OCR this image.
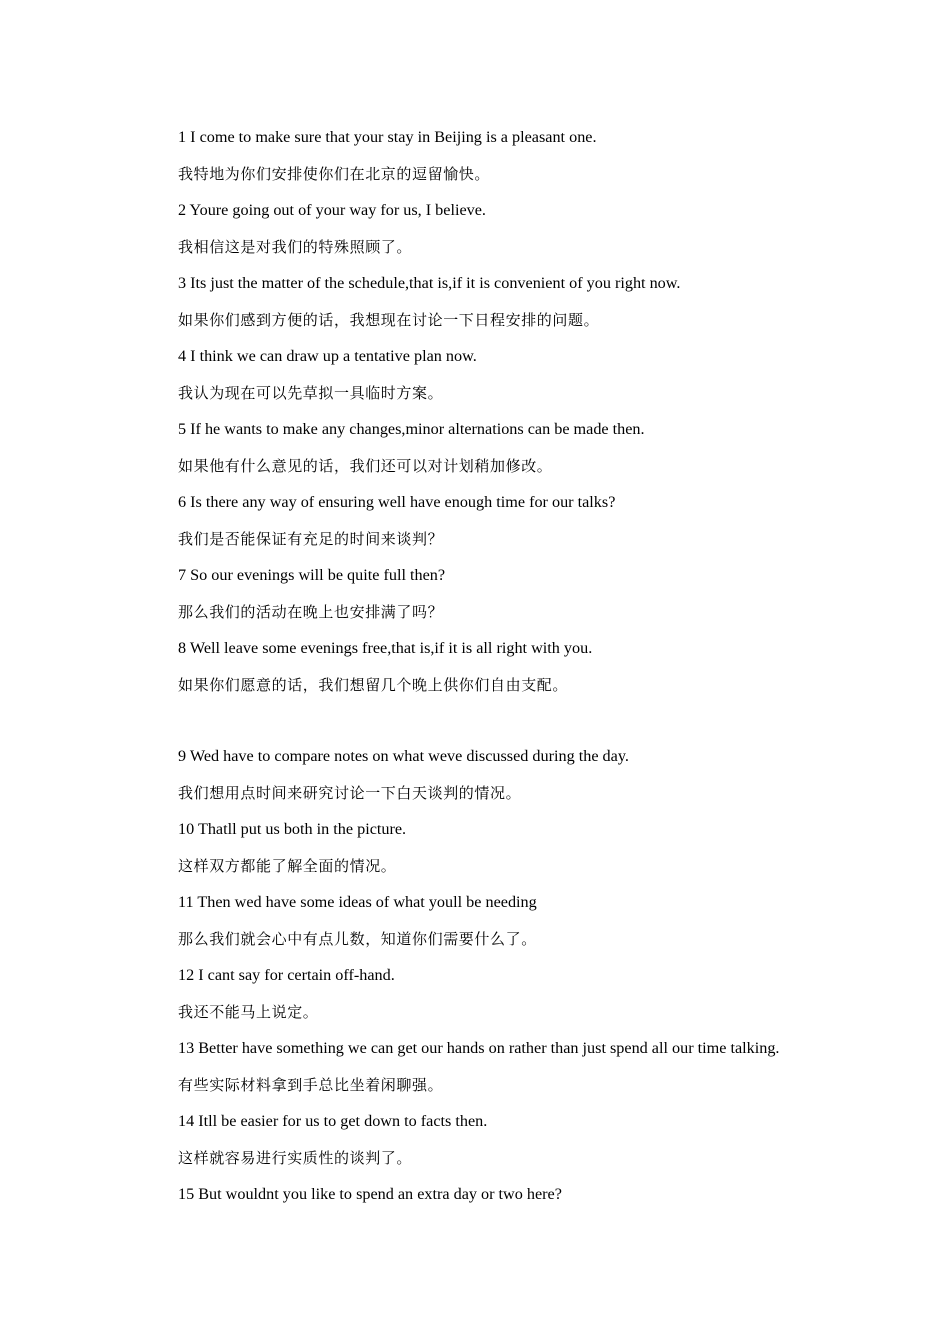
1 I come to make sure that your stay in Beijing is a pleasant one.
我特地为你们安排使你们在北京的逗留愉快。
2 Youre going out of your way for us, I believe.
我相信这是对我们的特殊照顾了。
3 Its just the matter of the schedule,that is,if it is convenient of you right now.
如果你们感到方便的话，我想现在讨论一下日程安排的问题。
4 I think we can draw up a tentative plan now.
我认为现在可以先草拟一具临时方案。
5 If he wants to make any changes,minor alternations can be made then.
如果他有什么意见的话，我们还可以对计划稍加修改。
6 Is there any way of ensuring well have enough time for our talks?
我们是否能保证有充足的时间来谈判？
7 So our evenings will be quite full then?
那么我们的活动在晚上也安排满了吗？
8 Well leave some evenings free,that is,if it is all right with you.
如果你们愿意的话，我们想留几个晚上供你们自由支配。
9 Wed have to compare notes on what weve discussed during the day.
我们想用点时间来研究讨论一下白天谈判的情况。
10 Thatll put us both in the picture.
这样双方都能了解全面的情况。
11 Then wed have some ideas of what youll be needing
那么我们就会心中有点儿数，知道你们需要什么了。
12 I cant say for certain off-hand.
我还不能马上说定。
13 Better have something we can get our hands on rather than just spend all our time talking.
有些实际材料拿到手总比坐着闲聊强。
14 Itll be easier for us to get down to facts then.
这样就容易进行实质性的谈判了。
15 But wouldnt you like to spend an extra day or two here?
